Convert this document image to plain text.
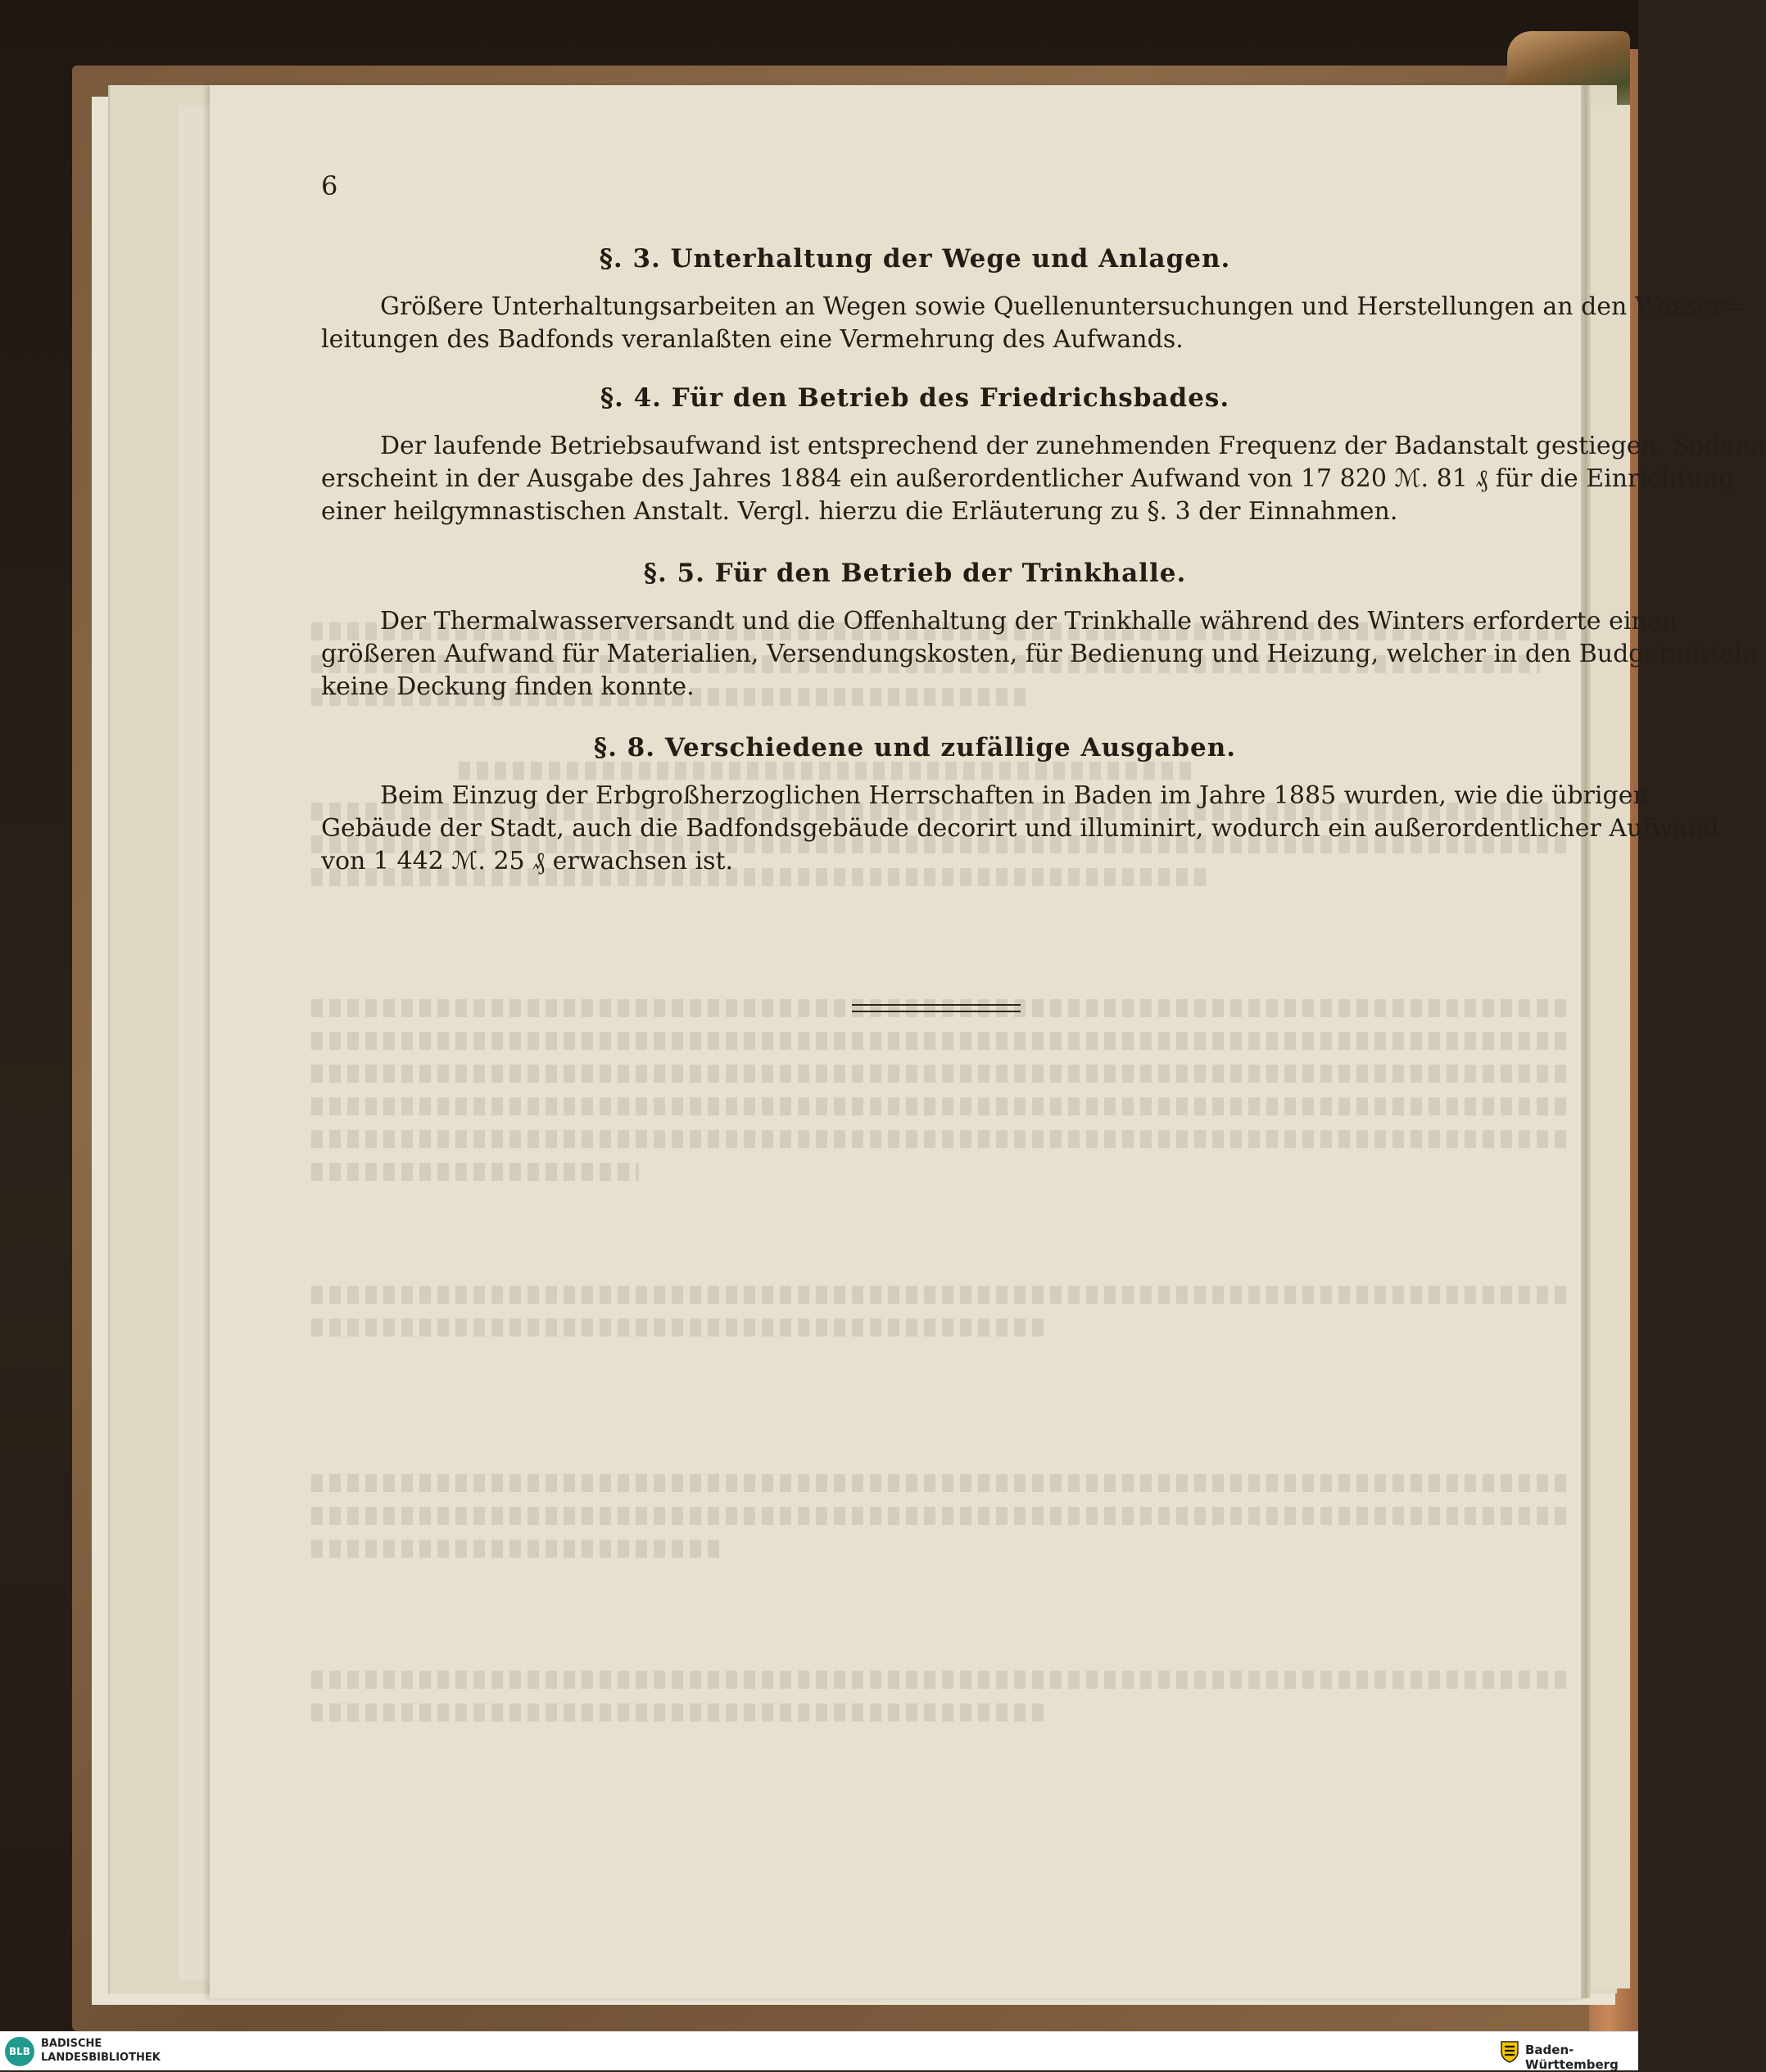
6
§. 3. Unterhaltung der Wege und Anlagen.
Größere Unterhaltungsarbeiten an Wegen sowie Quellenuntersuchungen und Herstellungen an den Wasser=
leitungen des Badfonds veranlaßten eine Vermehrung des Aufwands.
§. 4. Für den Betrieb des Friedrichsbades.
Der laufende Betriebsaufwand ist entsprechend der zunehmenden Frequenz der Badanstalt gestiegen. Sodann
erscheint in der Ausgabe des Jahres 1884 ein außerordentlicher Aufwand von 17 820 ℳ. 81 ₰ für die Einrichtung
einer heilgymnastischen Anstalt. Vergl. hierzu die Erläuterung zu §. 3 der Einnahmen.
§. 5. Für den Betrieb der Trinkhalle.
Der Thermalwasserversandt und die Offenhaltung der Trinkhalle während des Winters erforderte einen
größeren Aufwand für Materialien, Versendungskosten, für Bedienung und Heizung, welcher in den Budgetmitteln
keine Deckung finden konnte.
§. 8. Verschiedene und zufällige Ausgaben.
Beim Einzug der Erbgroßherzoglichen Herrschaften in Baden im Jahre 1885 wurden, wie die übrigen
Gebäude der Stadt, auch die Badfondsgebäude decorirt und illuminirt, wodurch ein außerordentlicher Aufwand
von 1 442 ℳ. 25 ₰ erwachsen ist.
BLB
BADISCHE
LANDESBIBLIOTHEK
Baden-Württemberg
